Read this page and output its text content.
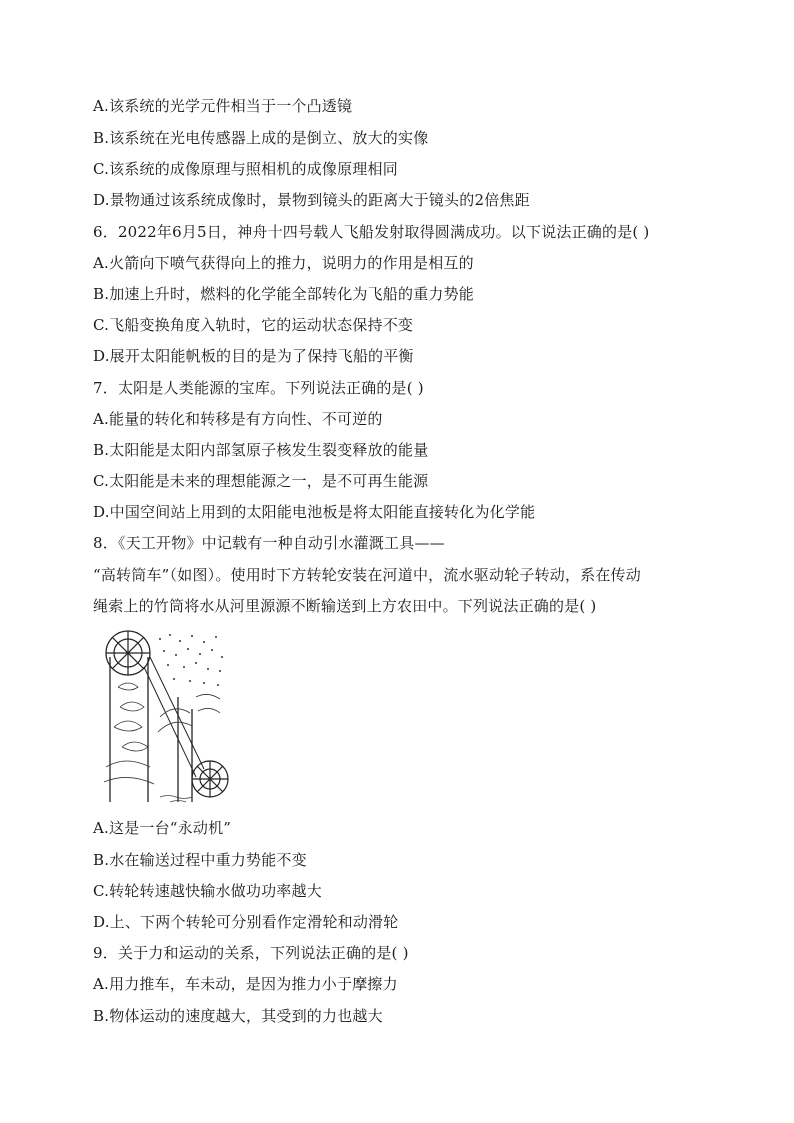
A.该系统的光学元件相当于一个凸透镜
B.该系统在光电传感器上成的是倒立、放大的实像
C.该系统的成像原理与照相机的成像原理相同
D.景物通过该系统成像时，景物到镜头的距离大于镜头的2倍焦距
6．2022年6月5日，神舟十四号载人飞船发射取得圆满成功。以下说法正确的是( )
A.火箭向下喷气获得向上的推力，说明力的作用是相互的
B.加速上升时，燃料的化学能全部转化为飞船的重力势能
C.飞船变换角度入轨时，它的运动状态保持不变
D.展开太阳能帆板的目的是为了保持飞船的平衡
7．太阳是人类能源的宝库。下列说法正确的是( )
A.能量的转化和转移是有方向性、不可逆的
B.太阳能是太阳内部氢原子核发生裂变释放的能量
C.太阳能是未来的理想能源之一，是不可再生能源
D.中国空间站上用到的太阳能电池板是将太阳能直接转化为化学能
8．《天工开物》中记载有一种自动引水灌溉工具——
“高转筒车”（如图）。使用时下方转轮安装在河道中，流水驱动轮子转动，系在传动
绳索上的竹筒将水从河里源源不断输送到上方农田中。下列说法正确的是( )
A.这是一台“永动机”
B.水在输送过程中重力势能不变
C.转轮转速越快输水做功功率越大
D.上、下两个转轮可分别看作定滑轮和动滑轮
9．关于力和运动的关系，下列说法正确的是( )
A.用力推车，车未动，是因为推力小于摩擦力
B.物体运动的速度越大，其受到的力也越大
